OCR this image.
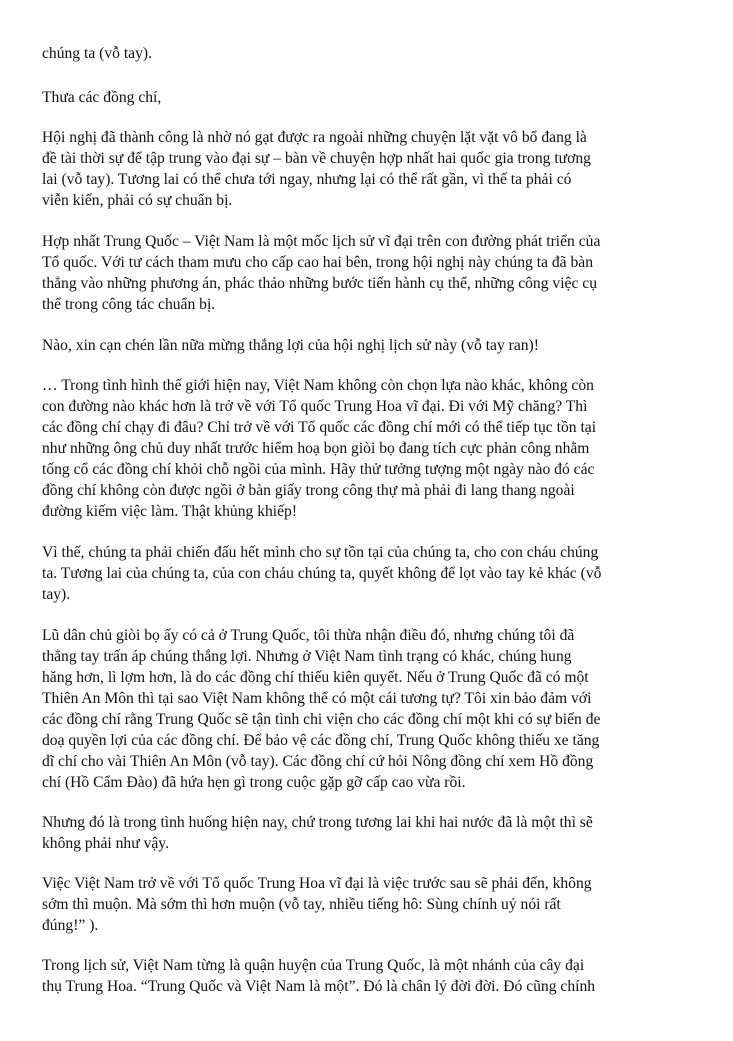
chúng ta (vỗ tay).

Thưa các đồng chí,

Hội nghị đã thành công là nhờ nó gạt được ra ngoài những chuyện lặt vặt vô bổ đang là

đề tài thời sự để tập trung vào đại sự – bàn về chuyện hợp nhất hai quốc gia trong tương

lai (vỗ tay). Tương lai có thể chưa tới ngay, nhưng lại có thể rất gần, vì thế ta phải có

viễn kiến, phải có sự chuẩn bị.

Hợp nhất Trung Quốc – Việt Nam là một mốc lịch sử vĩ đại trên con đường phát triển của

Tổ quốc. Với tư cách tham mưu cho cấp cao hai bên, trong hội nghị này chúng ta đã bàn

thẳng vào những phương án, phác thảo những bước tiến hành cụ thể, những công việc cụ

thể trong công tác chuẩn bị.

Nào, xin cạn chén lần nữa mừng thắng lợi của hội nghị lịch sử này (vỗ tay ran)!

… Trong tình hình thế giới hiện nay, Việt Nam không còn chọn lựa nào khác, không còn

con đường nào khác hơn là trở về với Tổ quốc Trung Hoa vĩ đại. Đi với Mỹ chăng? Thì

các đồng chí chạy đi đâu? Chỉ trở về với Tổ quốc các đồng chí mới có thể tiếp tục tồn tại

như những ông chủ duy nhất trước hiểm hoạ bọn giòi bọ đang tích cực phản công nhằm

tống cổ các đồng chí khỏi chỗ ngồi của mình. Hãy thử tưởng tượng một ngày nào đó các

đồng chí không còn được ngồi ở bàn giấy trong công thự mà phải đi lang thang ngoài

đường kiếm việc làm. Thật khủng khiếp!

Vì thế, chúng ta phải chiến đấu hết mình cho sự tồn tại của chúng ta, cho con cháu chúng

ta. Tương lai của chúng ta, của con cháu chúng ta, quyết không để lọt vào tay kẻ khác (vỗ

tay).

Lũ dân chủ giòi bọ ấy có cả ở Trung Quốc, tôi thừa nhận điều đó, nhưng chúng tôi đã

thẳng tay trấn áp chúng thắng lợi. Nhưng ở Việt Nam tình trạng có khác, chúng hung

hăng hơn, lì lợm hơn, là do các đồng chí thiếu kiên quyết. Nếu ở Trung Quốc đã có một

Thiên An Môn thì tại sao Việt Nam không thể có một cái tương tự? Tôi xin bảo đảm với

các đồng chí rằng Trung Quốc sẽ tận tình chi viện cho các đồng chí một khi có sự biến đe

doạ quyền lợi của các đồng chí. Để bảo vệ các đồng chí, Trung Quốc không thiếu xe tăng

dĩ chí cho vài Thiên An Môn (vỗ tay). Các đồng chí cứ hỏi Nông đồng chí xem Hồ đồng

chí (Hồ Cẩm Đào) đã hứa hẹn gì trong cuộc gặp gỡ cấp cao vừa rồi.

Nhưng đó là trong tình huống hiện nay, chứ trong tương lai khi hai nước đã là một thì sẽ

không phải như vậy.

Việc Việt Nam trở về với Tổ quốc Trung Hoa vĩ đại là việc trước sau sẽ phải đến, không

sớm thì muộn. Mà sớm thì hơn muộn (vỗ tay, nhiều tiếng hô: Sùng chính uỷ nói rất

đúng!” ).

Trong lịch sử, Việt Nam từng là quận huyện của Trung Quốc, là một nhánh của cây đại

thụ Trung Hoa. “Trung Quốc và Việt Nam là một”. Đó là chân lý đời đời. Đó cũng chính
